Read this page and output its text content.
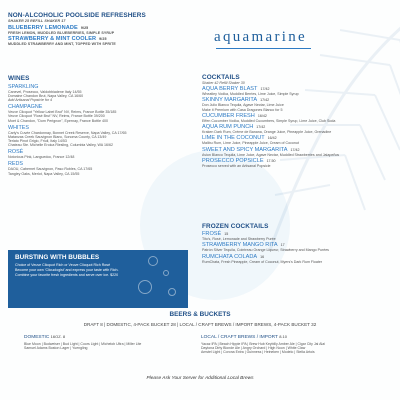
NON-ALCOHOLIC POOLSIDE REFRESHERS
SHAKER 25 REFILL SHAKER 17
BLUEBERRY LEMONADE 9/25
FRESH LEMON, MUDDLED BLUEBERRIES, SIMPLE SYRUP
STRAWBERRY & MINT COOLER 9/25
MUDDLED STRAWBERRY AND MINT, TOPPED WITH SPRITE
WINES
SPARKLING
Canevel, Prosecco, Valdobbiadene Italy 14/55
Domaine Chandon Brut, Napa Valley, CA 16/60
Add Artisanal Popsicle for 4
CHAMPAGNE
Veuve Clicquot "Yellow Label Brut" NV, Reims, France Bottle 35/185
Veuve Clicquot "Rosé Brut" NV, Reims, France Bottle 39/200
Moet & Chandon, "Dom Perignon", Epernay, France Bottle 400
WHITES
Carly's Cuvée Chardonnay, Bonnet Creek Reserve, Napa Valley, CA 17/65
Matanzas Creek Sauvignon Blanc, Sonoma County, CA 13/49
Terlato Pinot Grigio, Friuli, Italy 14/53
Chateau Ste. Michelle Eroica Riesling, Columbia Valley, WA 16/62
ROSÉ
Notorious Pink, Languedoc, France 12/48
REDS
DAOU, Cabernet Sauvignon, Paso Robles, CA 17/65
Tangley Oaks, Merlot, Napa Valley, CA 15/55
aquamarine
COCKTAILS
Shaker 42 Refill Shaker 30
AQUA BERRY BLAST 17/42
Wheatley Vodka, Muddled Berries, Lime Juice, Simple Syrup
SKINNY MARGARITA 17/42
Don Julio Blanco Tequila, Agave Nectar, Lime Juice
Make it Premium with Casa Dragones Blanco for 5
CUCUMBER FRESH 16/42
Effen Cucumber Vodka, Muddled Cucumbers, Simple Syrup, Lime Juice, Club Soda
AQUA RUM PUNCH 17/42
Kraken Dark Rum, Crème de Banana, Orange Juice, Pineapple Juice, Grenadine
LIME IN THE COCONUT 16/42
Malibu Rum, Lime Juice, Pineapple Juice, Cream of Coconut
SWEET AND SPICY MARGARITA 17/42
Avion Blanco Tequila, Lime Juice, Agave Nectar, Muddled Strawberries and Jalapeños
PROSECCO POPSICLE 17.50
Prosecco served with an Artisanal Popsicle
FROZEN COCKTAILS
FROSÉ 15
Tito's, Rosé, Lemonade and Strawberry Purée
STRAWBERRY MANGO RITA 17
Patrón Silver Tequila, Cointreau Orange Liqueur, Strawberry and Mango Purées
RUMCHATA COLADA 16
RumChata, Fresh Pineapple, Cream of Coconut, Myers's Dark Rum Floater
BURSTING WITH BUBBLES
Choice of Veuve Clicquot Rich or Veuve Clicquot Rich Rosé
Become your own 'Clicuologist' and express your taste with Rich.
Combine your favorite fresh ingredients and serve over ice. $220
BEERS & BUCKETS
DRAFT 8 | DOMESTIC, 4-PACK BUCKET 28 | LOCAL / CRAFT BREWS / IMPORT BREWS, 4-PACK BUCKET 32
DOMESTIC 16OZ. 8
Blue Moon | Budweiser | Bud Light | Coors Light | Michelob Ultra | Miller Lite
Samuel Adams Boston Lager | Yuengling
LOCAL / CRAFT BREWS / IMPORT 8.10
Yacaz IPA | Beach Hippie IPA | Brew Hub Keybilly Amber Ale | Cigar City Jai Alai
Daytona Dirty Blonde Ale | Angry Orchard | High Noon | White Claw
Amstel Light | Corona Extra | Guinness | Heineken | Modelo | Stella Artois
Please Ask Your Server for Additional Local Brews
